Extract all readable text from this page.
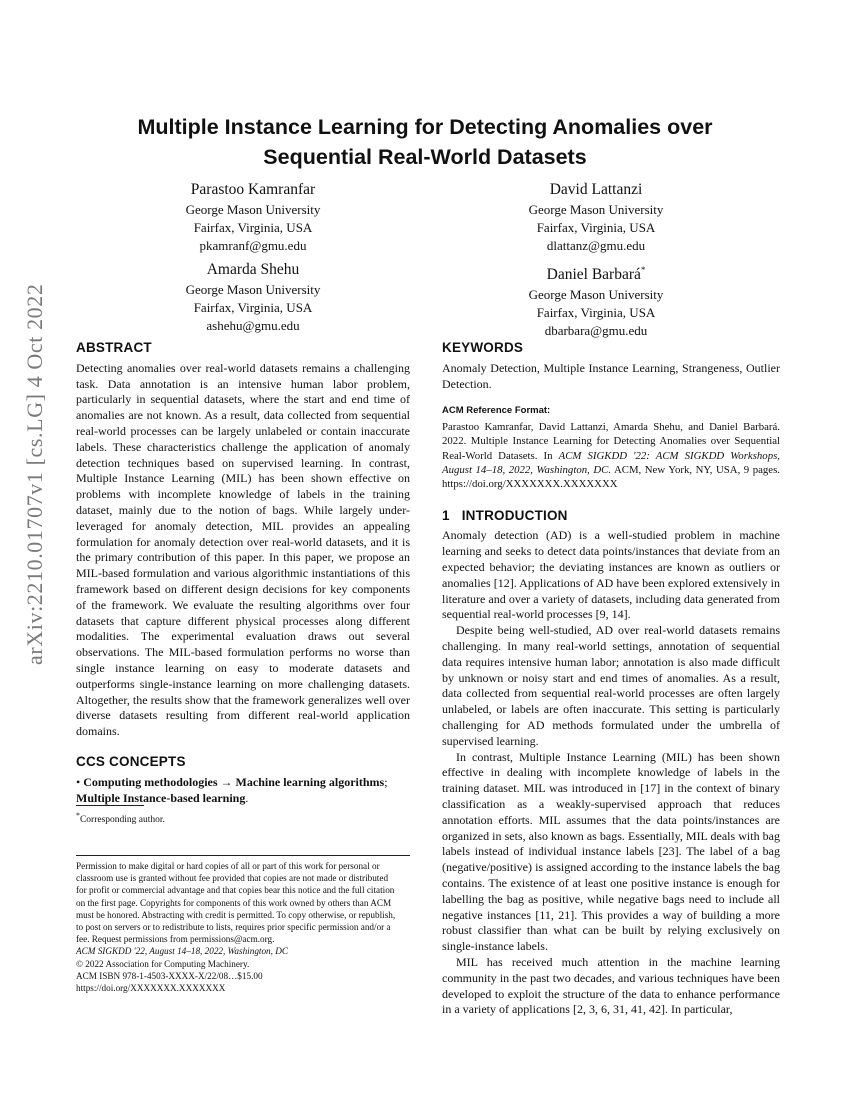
arXiv:2210.01707v1 [cs.LG] 4 Oct 2022
Multiple Instance Learning for Detecting Anomalies over
Sequential Real-World Datasets
Parastoo Kamranfar
George Mason University
Fairfax, Virginia, USA
pkamranf@gmu.edu
David Lattanzi
George Mason University
Fairfax, Virginia, USA
dlattanz@gmu.edu
Amarda Shehu
George Mason University
Fairfax, Virginia, USA
ashehu@gmu.edu
Daniel Barbará*
George Mason University
Fairfax, Virginia, USA
dbarbara@gmu.edu
ABSTRACT

Detecting anomalies over real-world datasets remains a challenging task. Data annotation is an intensive human labor problem, particularly in sequential datasets, where the start and end time of anomalies are not known. As a result, data collected from sequential real-world processes can be largely unlabeled or contain inaccurate labels. These characteristics challenge the application of anomaly detection techniques based on supervised learning. In contrast, Multiple Instance Learning (MIL) has been shown effective on problems with incomplete knowledge of labels in the training dataset, mainly due to the notion of bags. While largely under-leveraged for anomaly detection, MIL provides an appealing formulation for anomaly detection over real-world datasets, and it is the primary contribution of this paper. In this paper, we propose an MIL-based formulation and various algorithmic instantiations of this framework based on different design decisions for key components of the framework. We evaluate the resulting algorithms over four datasets that capture different physical processes along different modalities. The experimental evaluation draws out several observations. The MIL-based formulation performs no worse than single instance learning on easy to moderate datasets and outperforms single-instance learning on more challenging datasets. Altogether, the results show that the framework generalizes well over diverse datasets resulting from different real-world application domains.

CCS CONCEPTS
• Computing methodologies → Machine learning algorithms; Multiple Instance-based learning.
*Corresponding author.
Permission to make digital or hard copies of all or part of this work for personal or
classroom use is granted without fee provided that copies are not made or distributed
for profit or commercial advantage and that copies bear this notice and the full citation
on the first page. Copyrights for components of this work owned by others than ACM
must be honored. Abstracting with credit is permitted. To copy otherwise, or republish,
to post on servers or to redistribute to lists, requires prior specific permission and/or a
fee. Request permissions from permissions@acm.org.
ACM SIGKDD '22, August 14–18, 2022, Washington, DC
© 2022 Association for Computing Machinery.
ACM ISBN 978-1-4503-XXXX-X/22/08…$15.00
https://doi.org/XXXXXXX.XXXXXXX
KEYWORDS

Anomaly Detection, Multiple Instance Learning, Strangeness, Outlier Detection.

ACM Reference Format:

Parastoo Kamranfar, David Lattanzi, Amarda Shehu, and Daniel Barbará. 2022. Multiple Instance Learning for Detecting Anomalies over Sequential Real-World Datasets. In ACM SIGKDD '22: ACM SIGKDD Workshops, August 14–18, 2022, Washington, DC. ACM, New York, NY, USA, 9 pages. https://doi.org/XXXXXXX.XXXXXXX

1 INTRODUCTION

Anomaly detection (AD) is a well-studied problem in machine learning and seeks to detect data points/instances that deviate from an expected behavior; the deviating instances are known as outliers or anomalies [12]. Applications of AD have been explored extensively in literature and over a variety of datasets, including data generated from sequential real-world processes [9, 14].

Despite being well-studied, AD over real-world datasets remains challenging. In many real-world settings, annotation of sequential data requires intensive human labor; annotation is also made difficult by unknown or noisy start and end times of anomalies. As a result, data collected from sequential real-world processes are often largely unlabeled, or labels are often inaccurate. This setting is particularly challenging for AD methods formulated under the umbrella of supervised learning.

In contrast, Multiple Instance Learning (MIL) has been shown effective in dealing with incomplete knowledge of labels in the training dataset. MIL was introduced in [17] in the context of binary classification as a weakly-supervised approach that reduces annotation efforts. MIL assumes that the data points/instances are organized in sets, also known as bags. Essentially, MIL deals with bag labels instead of individual instance labels [23]. The label of a bag (negative/positive) is assigned according to the instance labels the bag contains. The existence of at least one positive instance is enough for labelling the bag as positive, while negative bags need to include all negative instances [11, 21]. This provides a way of building a more robust classifier than what can be built by relying exclusively on single-instance labels.

MIL has received much attention in the machine learning community in the past two decades, and various techniques have been developed to exploit the structure of the data to enhance performance in a variety of applications [2, 3, 6, 31, 41, 42]. In particular,
